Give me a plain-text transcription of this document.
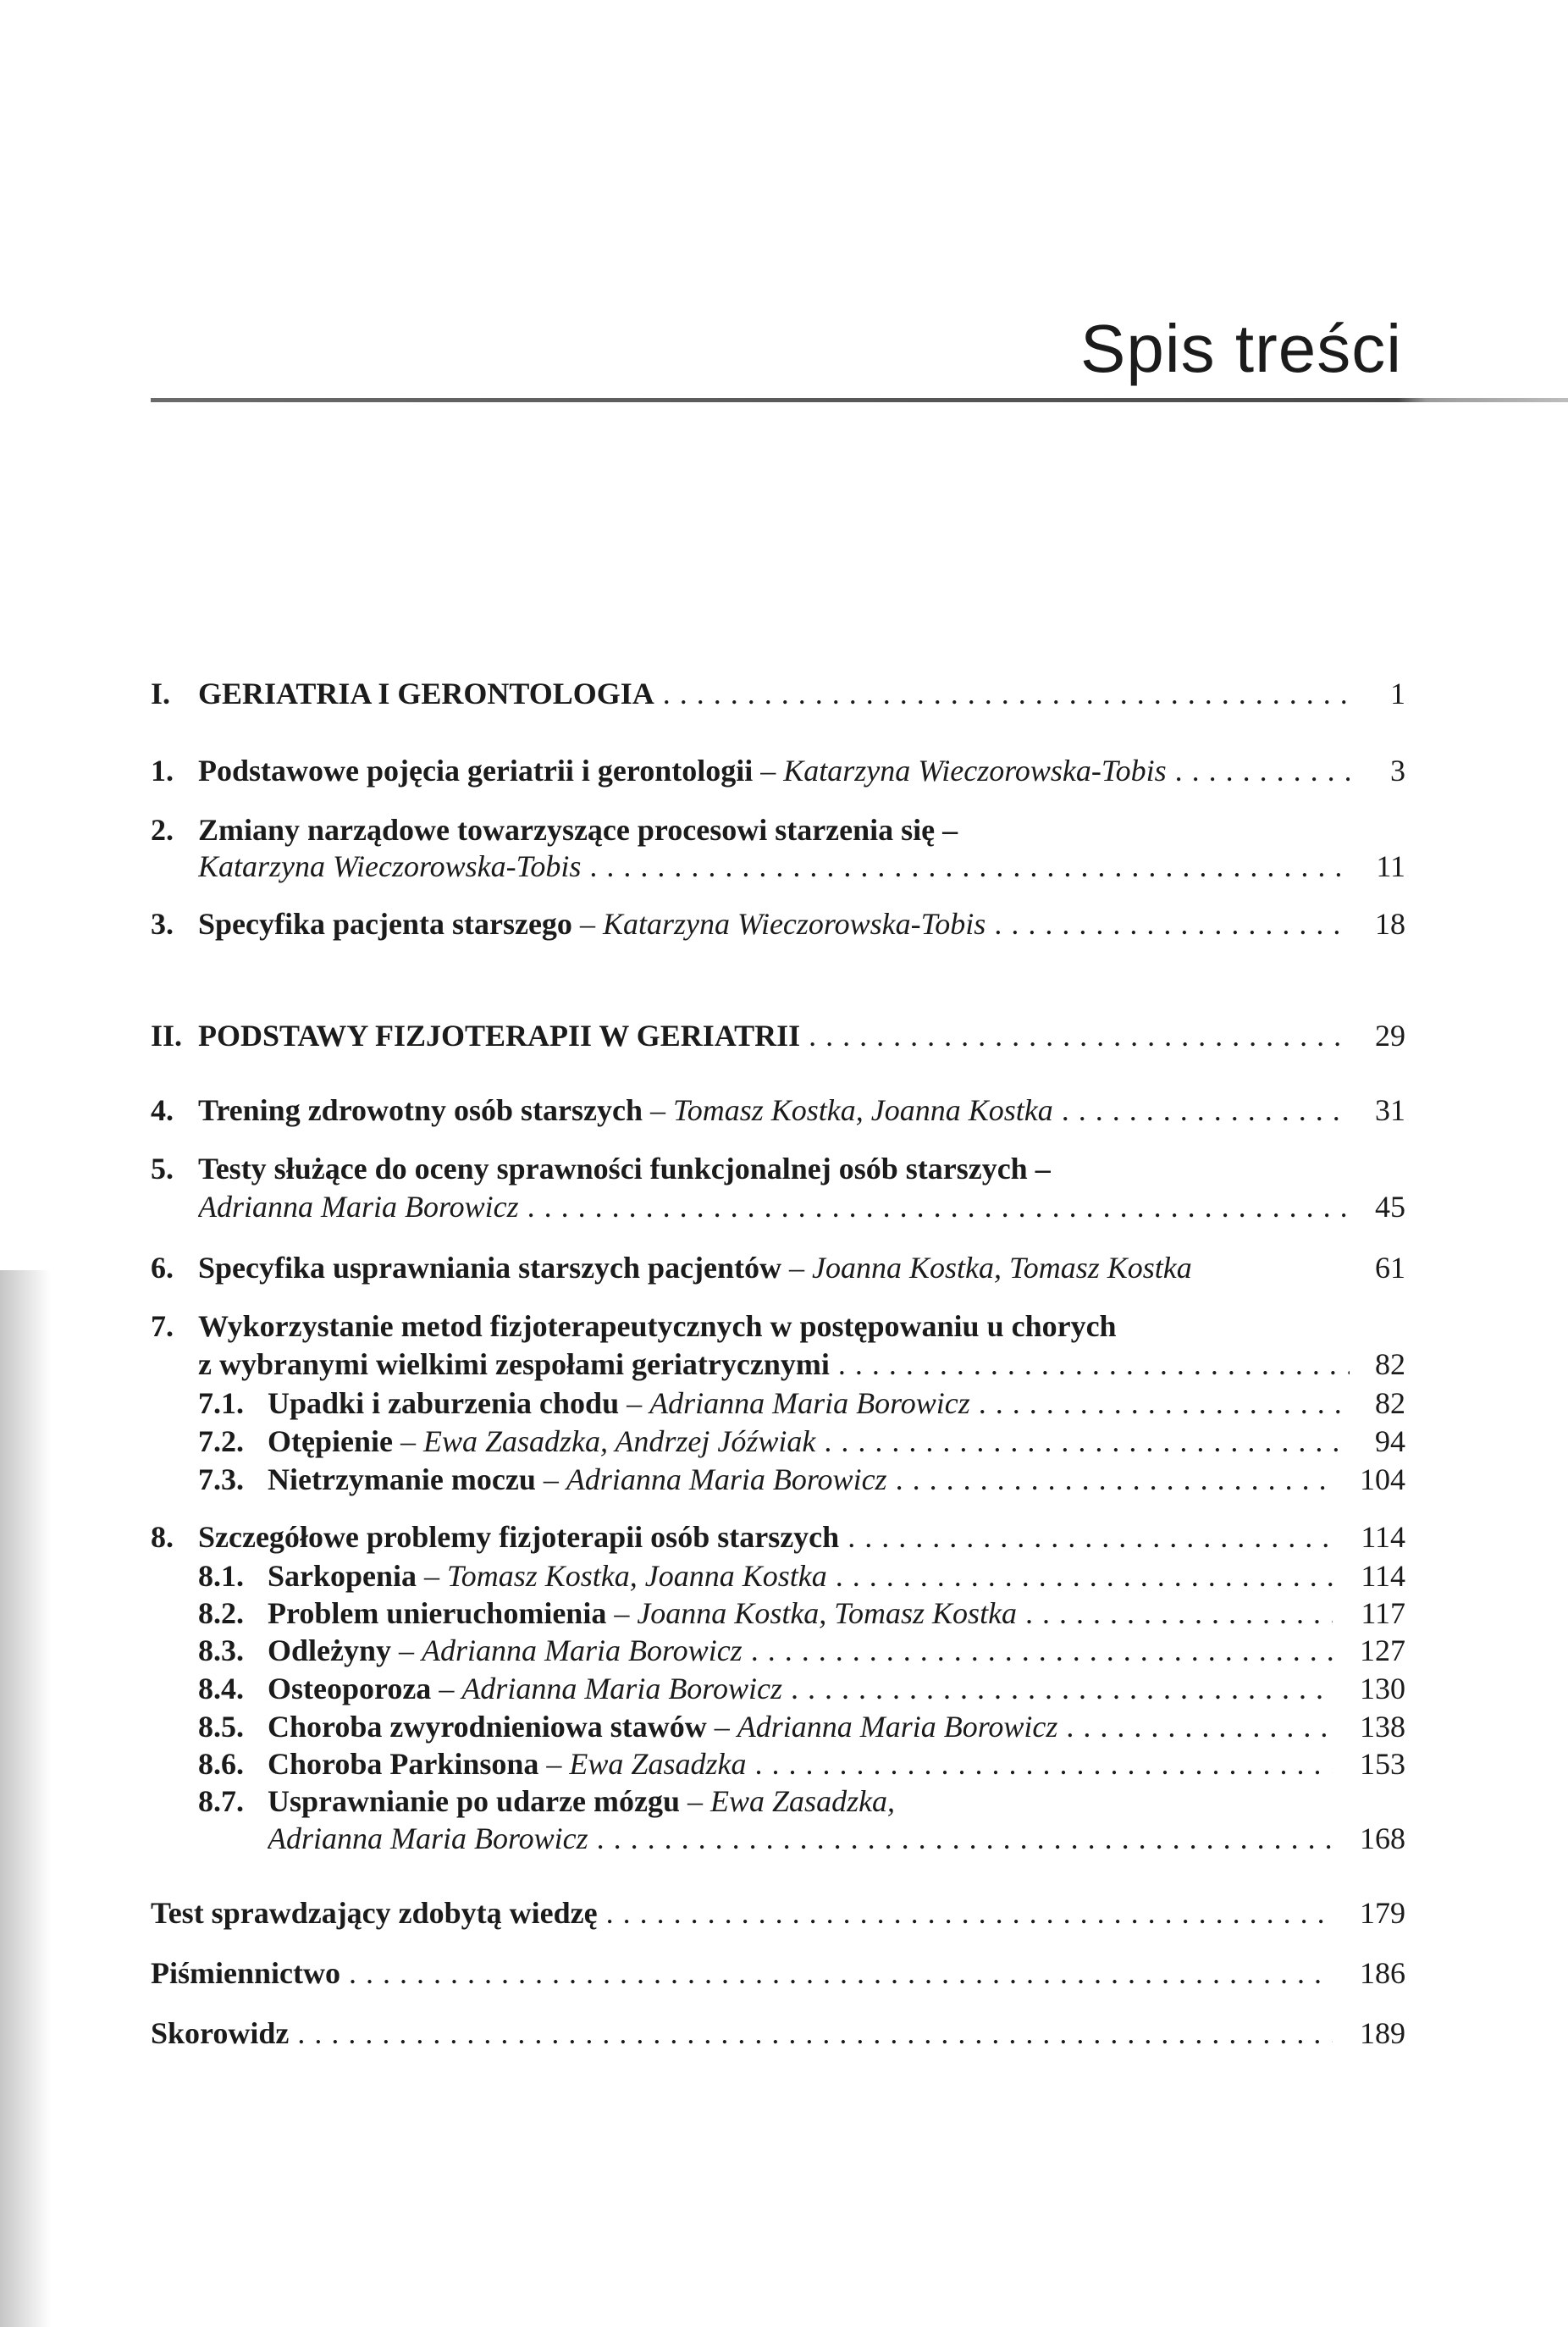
Spis treści
I. GERIATRIA I GERONTOLOGIA . . .	1
1. Podstawowe pojęcia geriatrii i gerontologii – Katarzyna Wieczorowska-Tobis . . .	3
2. Zmiany narządowe towarzyszące procesowi starzenia się –
Katarzyna Wieczorowska-Tobis . . .	11
3. Specyfika pacjenta starszego – Katarzyna Wieczorowska-Tobis . . .	18
II. PODSTAWY FIZJOTERAPII W GERIATRII . . .	29
4. Trening zdrowotny osób starszych – Tomasz Kostka, Joanna Kostka . . .	31
5. Testy służące do oceny sprawności funkcjonalnej osób starszych –
Adrianna Maria Borowicz . . .	45
6. Specyfika usprawniania starszych pacjentów – Joanna Kostka, Tomasz Kostka	61
7. Wykorzystanie metod fizjoterapeutycznych w postępowaniu u chorych
z wybranymi wielkimi zespołami geriatrycznymi . . .	82
7.1. Upadki i zaburzenia chodu – Adrianna Maria Borowicz . . .	82
7.2. Otępienie – Ewa Zasadzka, Andrzej Jóźwiak . . .	94
7.3. Nietrzymanie moczu – Adrianna Maria Borowicz . . .	104
8. Szczegółowe problemy fizjoterapii osób starszych . . .	114
8.1. Sarkopenia – Tomasz Kostka, Joanna Kostka . . .	114
8.2. Problem unieruchomienia – Joanna Kostka, Tomasz Kostka . . .	117
8.3. Odleżyny – Adrianna Maria Borowicz . . .	127
8.4. Osteoporoza – Adrianna Maria Borowicz . . .	130
8.5. Choroba zwyrodnieniowa stawów – Adrianna Maria Borowicz . . .	138
8.6. Choroba Parkinsona – Ewa Zasadzka . . .	153
8.7. Usprawnianie po udarze mózgu – Ewa Zasadzka,
Adrianna Maria Borowicz . . .	168
Test sprawdzający zdobytą wiedzę . . .	179
Piśmiennictwo . . .	186
Skorowidz . . .	189
